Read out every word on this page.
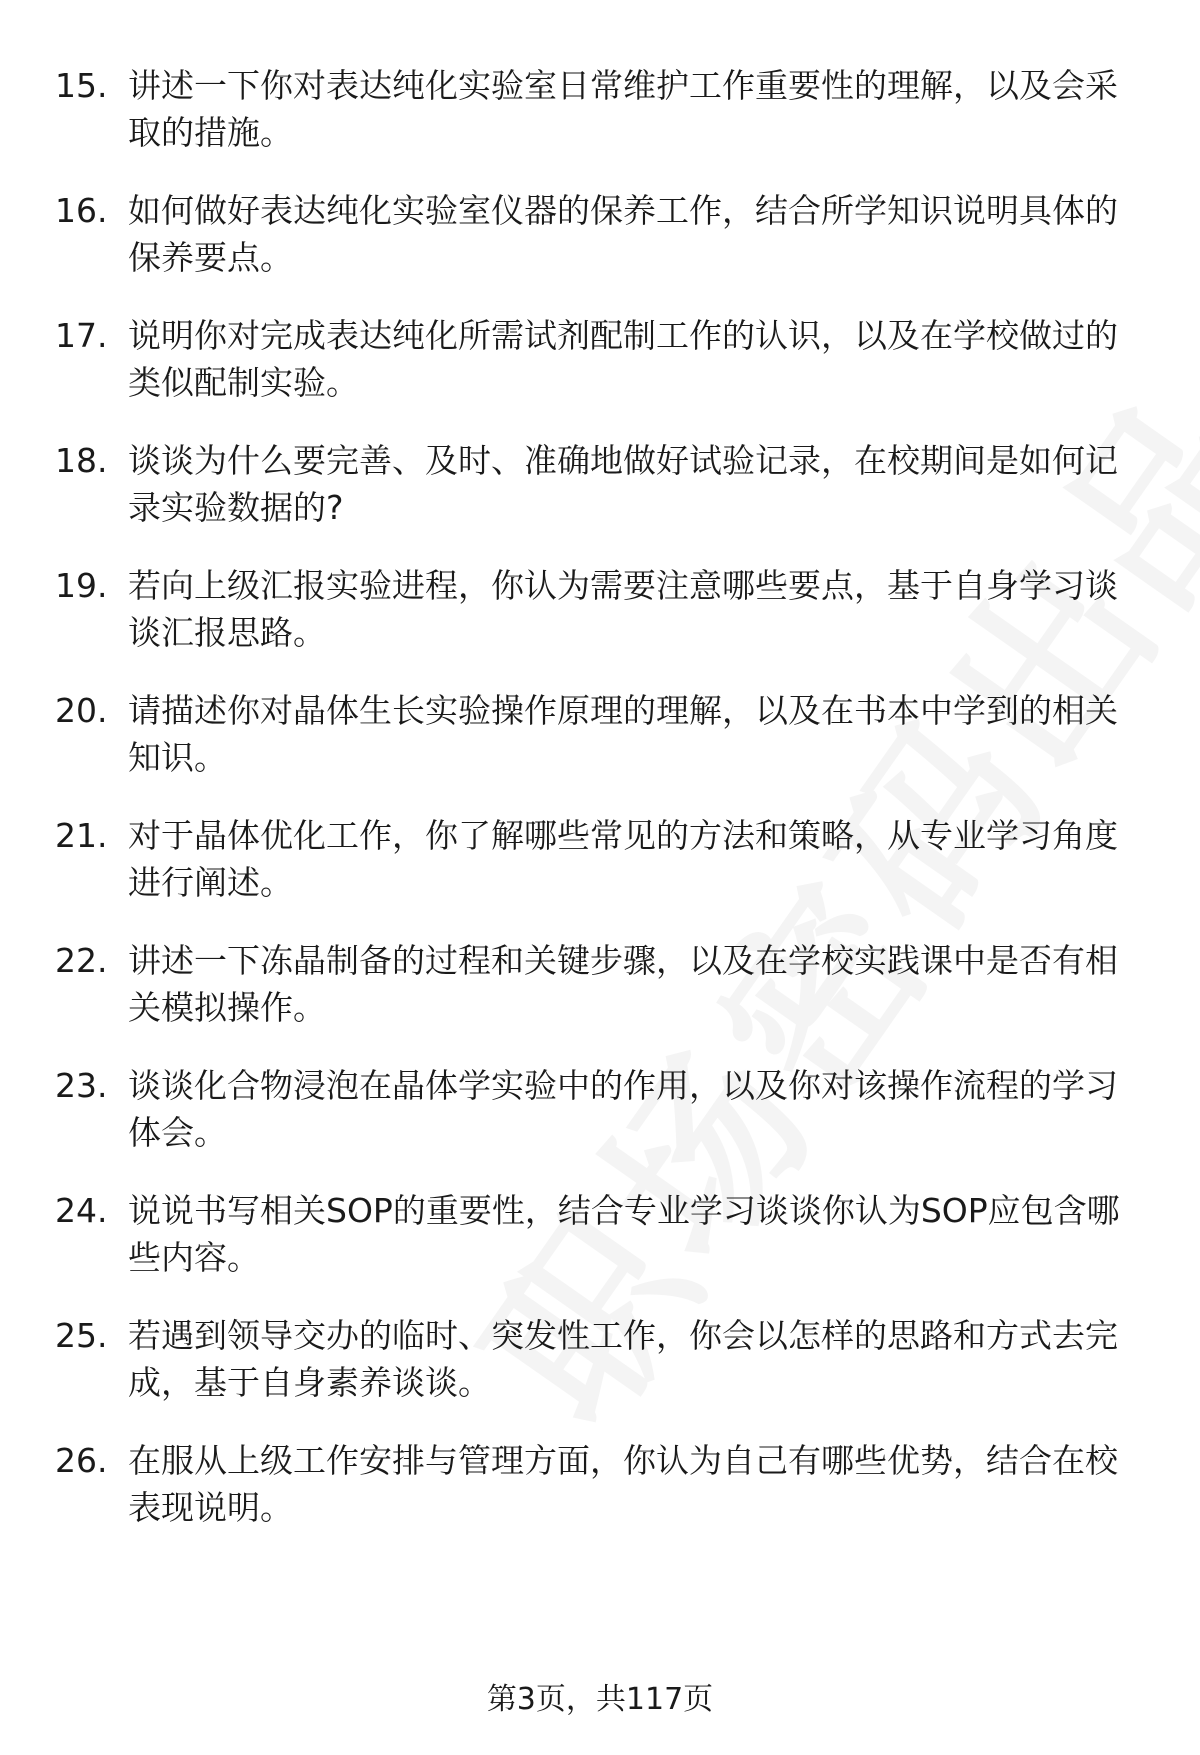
15. 讲述一下你对表达纯化实验室日常维护工作重要性的理解，以及会采取的措施。
16. 如何做好表达纯化实验室仪器的保养工作，结合所学知识说明具体的保养要点。
17. 说明你对完成表达纯化所需试剂配制工作的认识，以及在学校做过的类似配制实验。
18. 谈谈为什么要完善、及时、准确地做好试验记录，在校期间是如何记录实验数据的?
19. 若向上级汇报实验进程，你认为需要注意哪些要点，基于自身学习谈谈汇报思路。
20. 请描述你对晶体生长实验操作原理的理解，以及在书本中学到的相关知识。
21. 对于晶体优化工作，你了解哪些常见的方法和策略，从专业学习角度进行阐述。
22. 讲述一下冻晶制备的过程和关键步骤，以及在学校实践课中是否有相关模拟操作。
23. 谈谈化合物浸泡在晶体学实验中的作用，以及你对该操作流程的学习体会。
24. 说说书写相关SOP的重要性，结合专业学习谈谈你认为SOP应包含哪些内容。
25. 若遇到领导交办的临时、突发性工作，你会以怎样的思路和方式去完成，基于自身素养谈谈。
26. 在服从上级工作安排与管理方面，你认为自己有哪些优势，结合在校表现说明。
第3页，共117页
